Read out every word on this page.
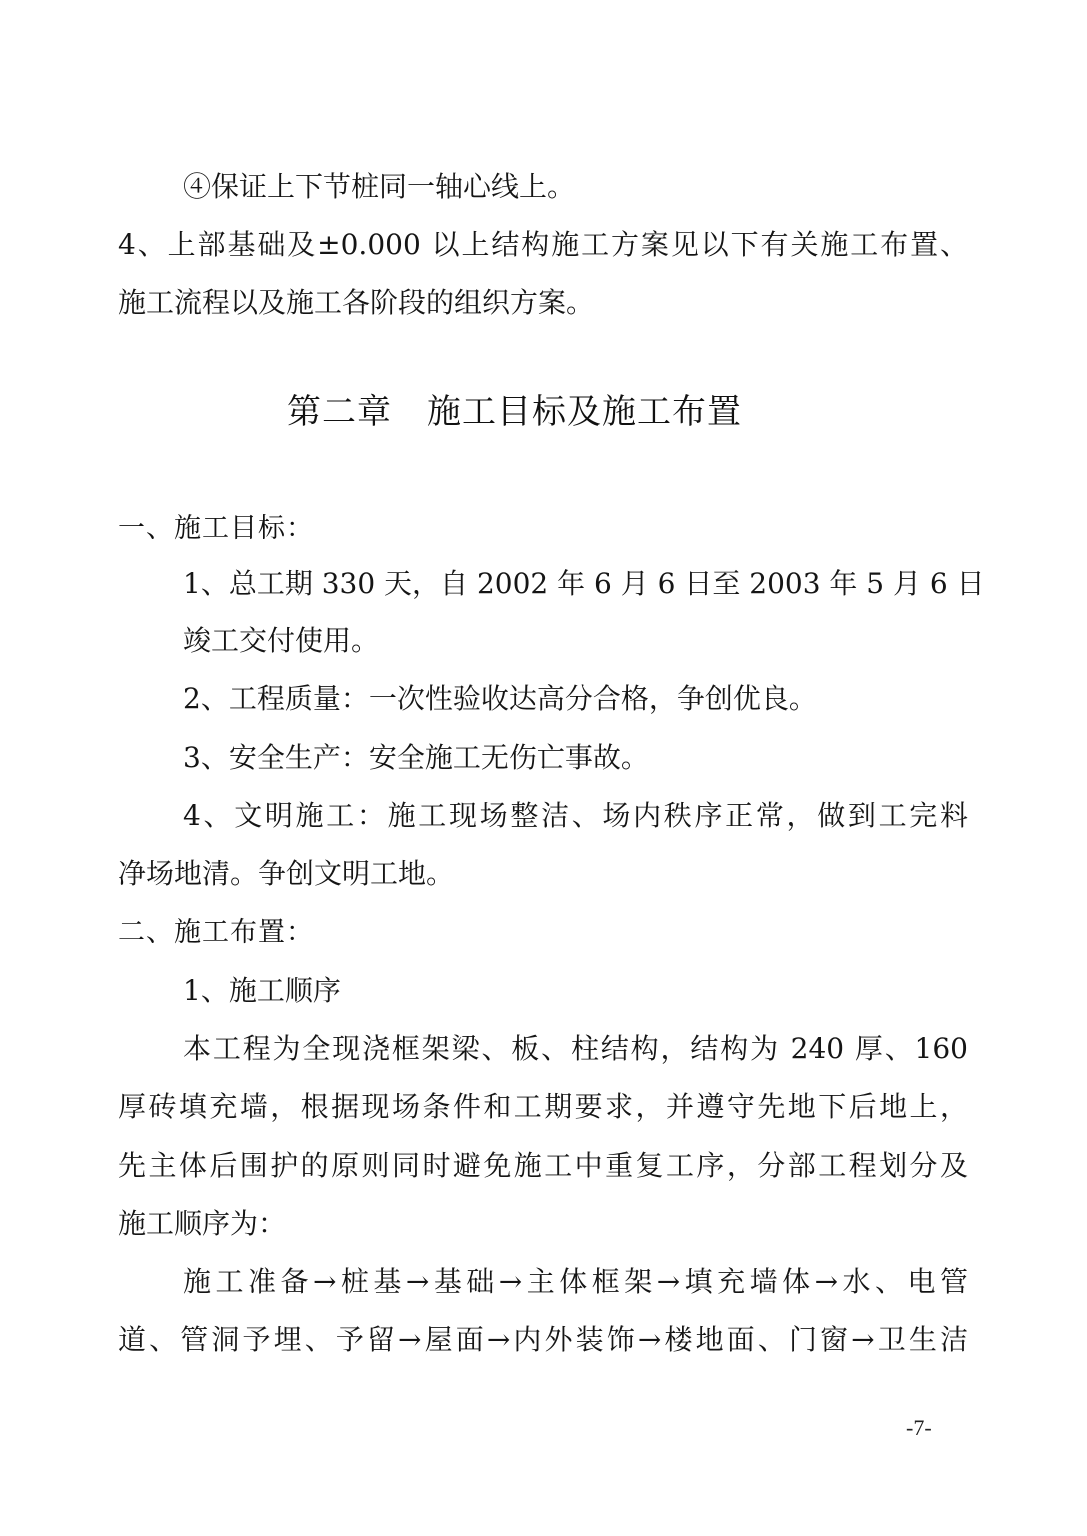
④保证上下节桩同一轴心线上。
4、上部基础及±0.000 以上结构施工方案见以下有关施工布置、
施工流程以及施工各阶段的组织方案。
第二章　施工目标及施工布置
一、施工目标：
1、总工期 330 天，自 2002 年 6 月 6 日至 2003 年 5 月 6 日
竣工交付使用。
2、工程质量：一次性验收达高分合格，争创优良。
3、安全生产：安全施工无伤亡事故。
4、文明施工：施工现场整洁、场内秩序正常，做到工完料
净场地清。争创文明工地。
二、施工布置：
1、施工顺序
本工程为全现浇框架梁、板、柱结构，结构为 240 厚、160
厚砖填充墙，根据现场条件和工期要求，并遵守先地下后地上，
先主体后围护的原则同时避免施工中重复工序，分部工程划分及
施工顺序为：
施工准备→桩基→基础→主体框架→填充墙体→水、电管
道、管洞予埋、予留→屋面→内外装饰→楼地面、门窗→卫生洁
-7-
